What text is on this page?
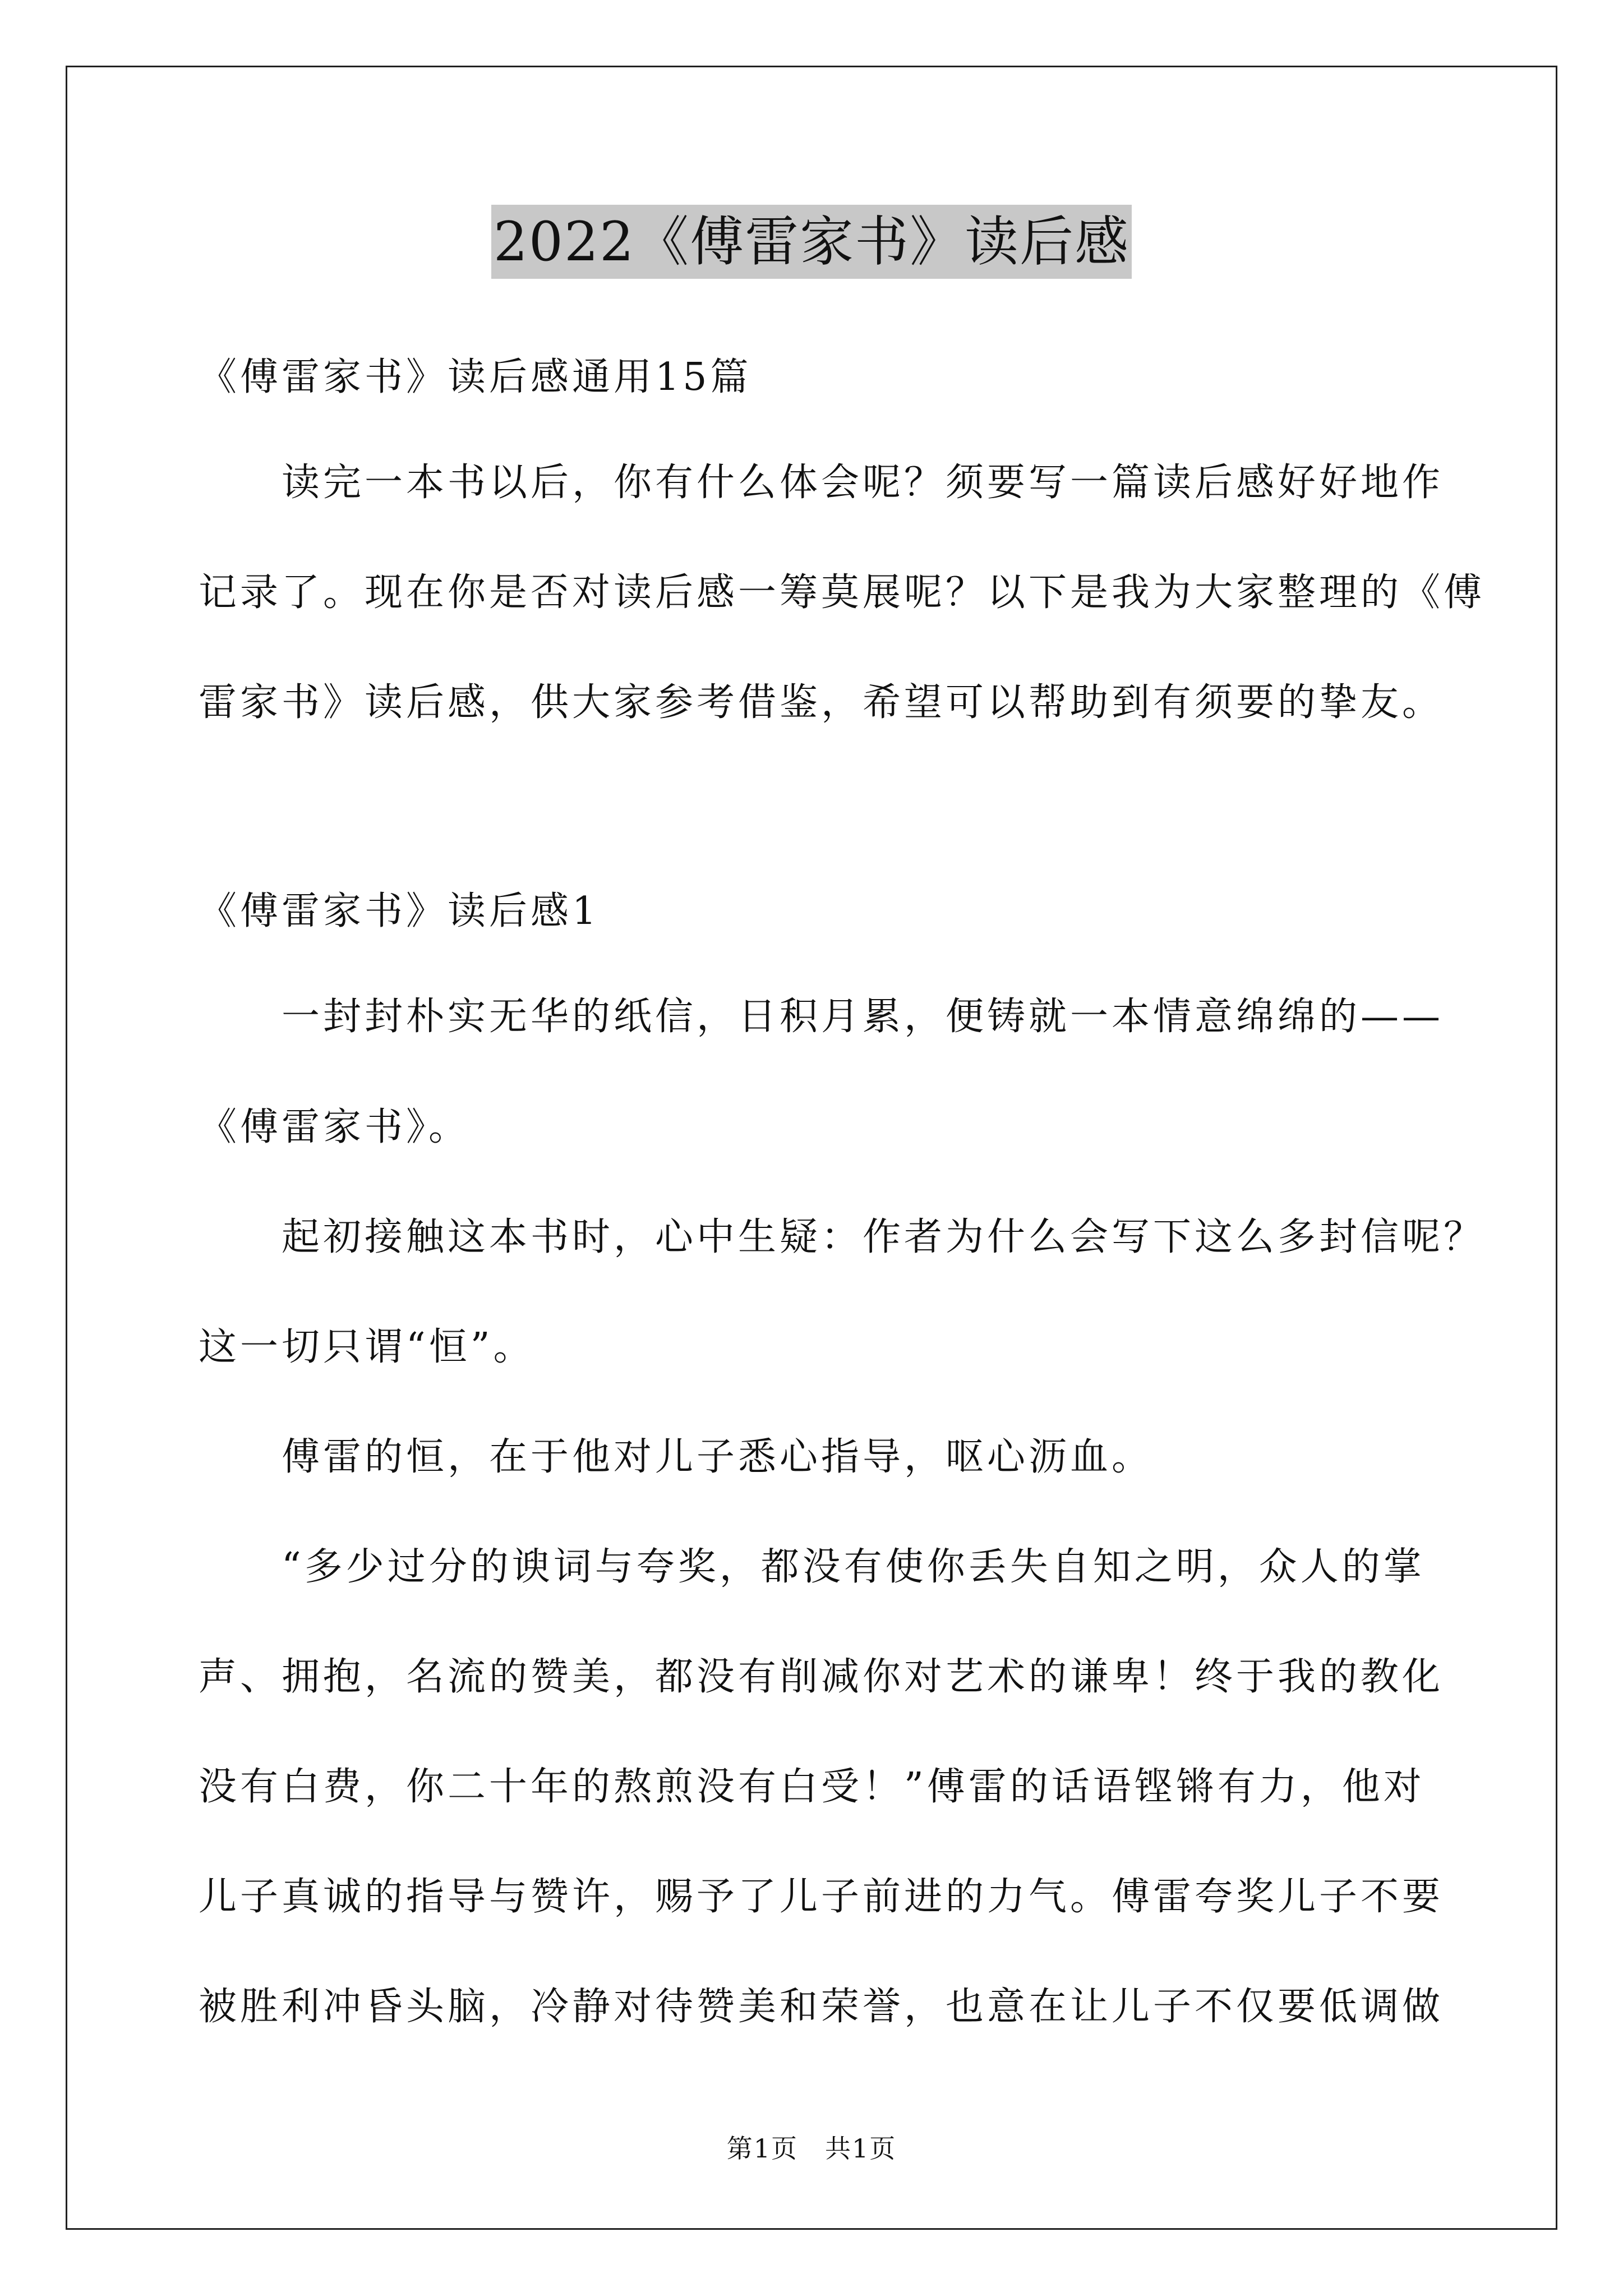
2022《傅雷家书》读后感
《傅雷家书》读后感通用15篇
　　读完一本书以后，你有什么体会呢？须要写一篇读后感好好地作
记录了。现在你是否对读后感一筹莫展呢？以下是我为大家整理的《傅
雷家书》读后感，供大家参考借鉴，希望可以帮助到有须要的挚友。
《傅雷家书》读后感1
　　一封封朴实无华的纸信，日积月累，便铸就一本情意绵绵的——
《傅雷家书》。
　　起初接触这本书时，心中生疑：作者为什么会写下这么多封信呢？
这一切只谓“恒”。
　　傅雷的恒，在于他对儿子悉心指导，呕心沥血。
　　“多少过分的谀词与夸奖，都没有使你丢失自知之明，众人的掌
声、拥抱，名流的赞美，都没有削减你对艺术的谦卑！终于我的教化
没有白费，你二十年的熬煎没有白受！”傅雷的话语铿锵有力，他对
儿子真诚的指导与赞许，赐予了儿子前进的力气。傅雷夸奖儿子不要
被胜利冲昏头脑，冷静对待赞美和荣誉，也意在让儿子不仅要低调做
第1页　共1页
